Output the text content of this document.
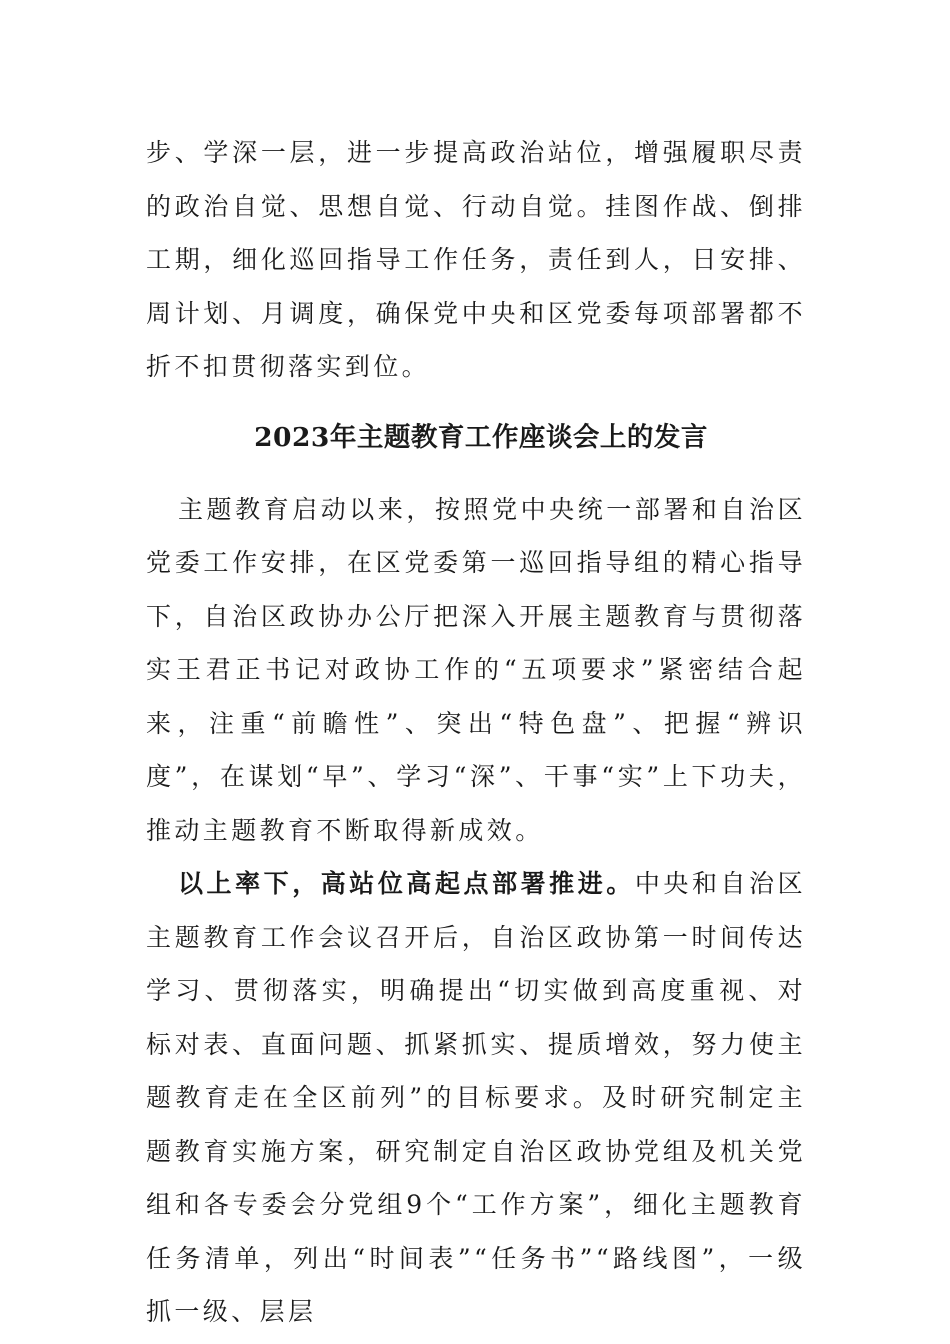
步、学深一层，进一步提高政治站位，增强履职尽责的政治自觉、思想自觉、行动自觉。挂图作战、倒排工期，细化巡回指导工作任务，责任到人，日安排、周计划、月调度，确保党中央和区党委每项部署都不折不扣贯彻落实到位。

2023年主题教育工作座谈会上的发言

主题教育启动以来，按照党中央统一部署和自治区党委工作安排，在区党委第一巡回指导组的精心指导下，自治区政协办公厅把深入开展主题教育与贯彻落实王君正书记对政协工作的“五项要求”紧密结合起来，注重“前瞻性”、突出“特色盘”、把握“辨识度”，在谋划“早”、学习“深”、干事“实”上下功夫，推动主题教育不断取得新成效。

以上率下，高站位高起点部署推进。中央和自治区主题教育工作会议召开后，自治区政协第一时间传达学习、贯彻落实，明确提出“切实做到高度重视、对标对表、直面问题、抓紧抓实、提质增效，努力使主题教育走在全区前列”的目标要求。及时研究制定主题教育实施方案，研究制定自治区政协党组及机关党组和各专委会分党组9个“工作方案”，细化主题教育任务清单，列出“时间表”“任务书”“路线图”，一级抓一级、层层
